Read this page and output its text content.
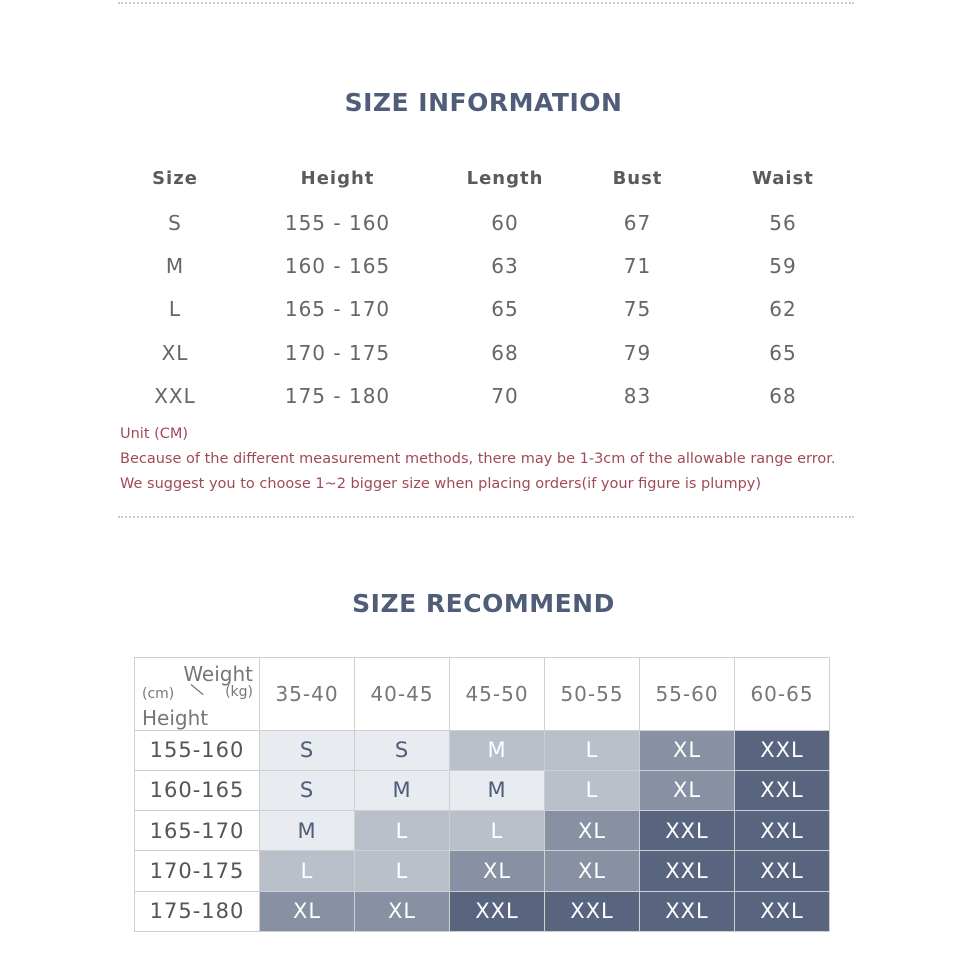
SIZE INFORMATION
Size	Height	Length	Bust	Waist
S	155 - 160	60	67	56
M	160 - 165	63	71	59
L	165 - 170	65	75	62
XL	170 - 175	68	79	65
XXL	175 - 180	70	83	68
Unit (CM)
Because of the different measurement methods, there may be 1-3cm of the allowable range error.
We suggest you to choose 1~2 bigger size when placing orders(if your figure is plumpy)
SIZE RECOMMEND
Weight
(kg)
(cm)
Height	35-40	40-45	45-50	50-55	55-60	60-65
155-160	S	S	M	L	XL	XXL
160-165	S	M	M	L	XL	XXL
165-170	M	L	L	XL	XXL	XXL
170-175	L	L	XL	XL	XXL	XXL
175-180	XL	XL	XXL	XXL	XXL	XXL
